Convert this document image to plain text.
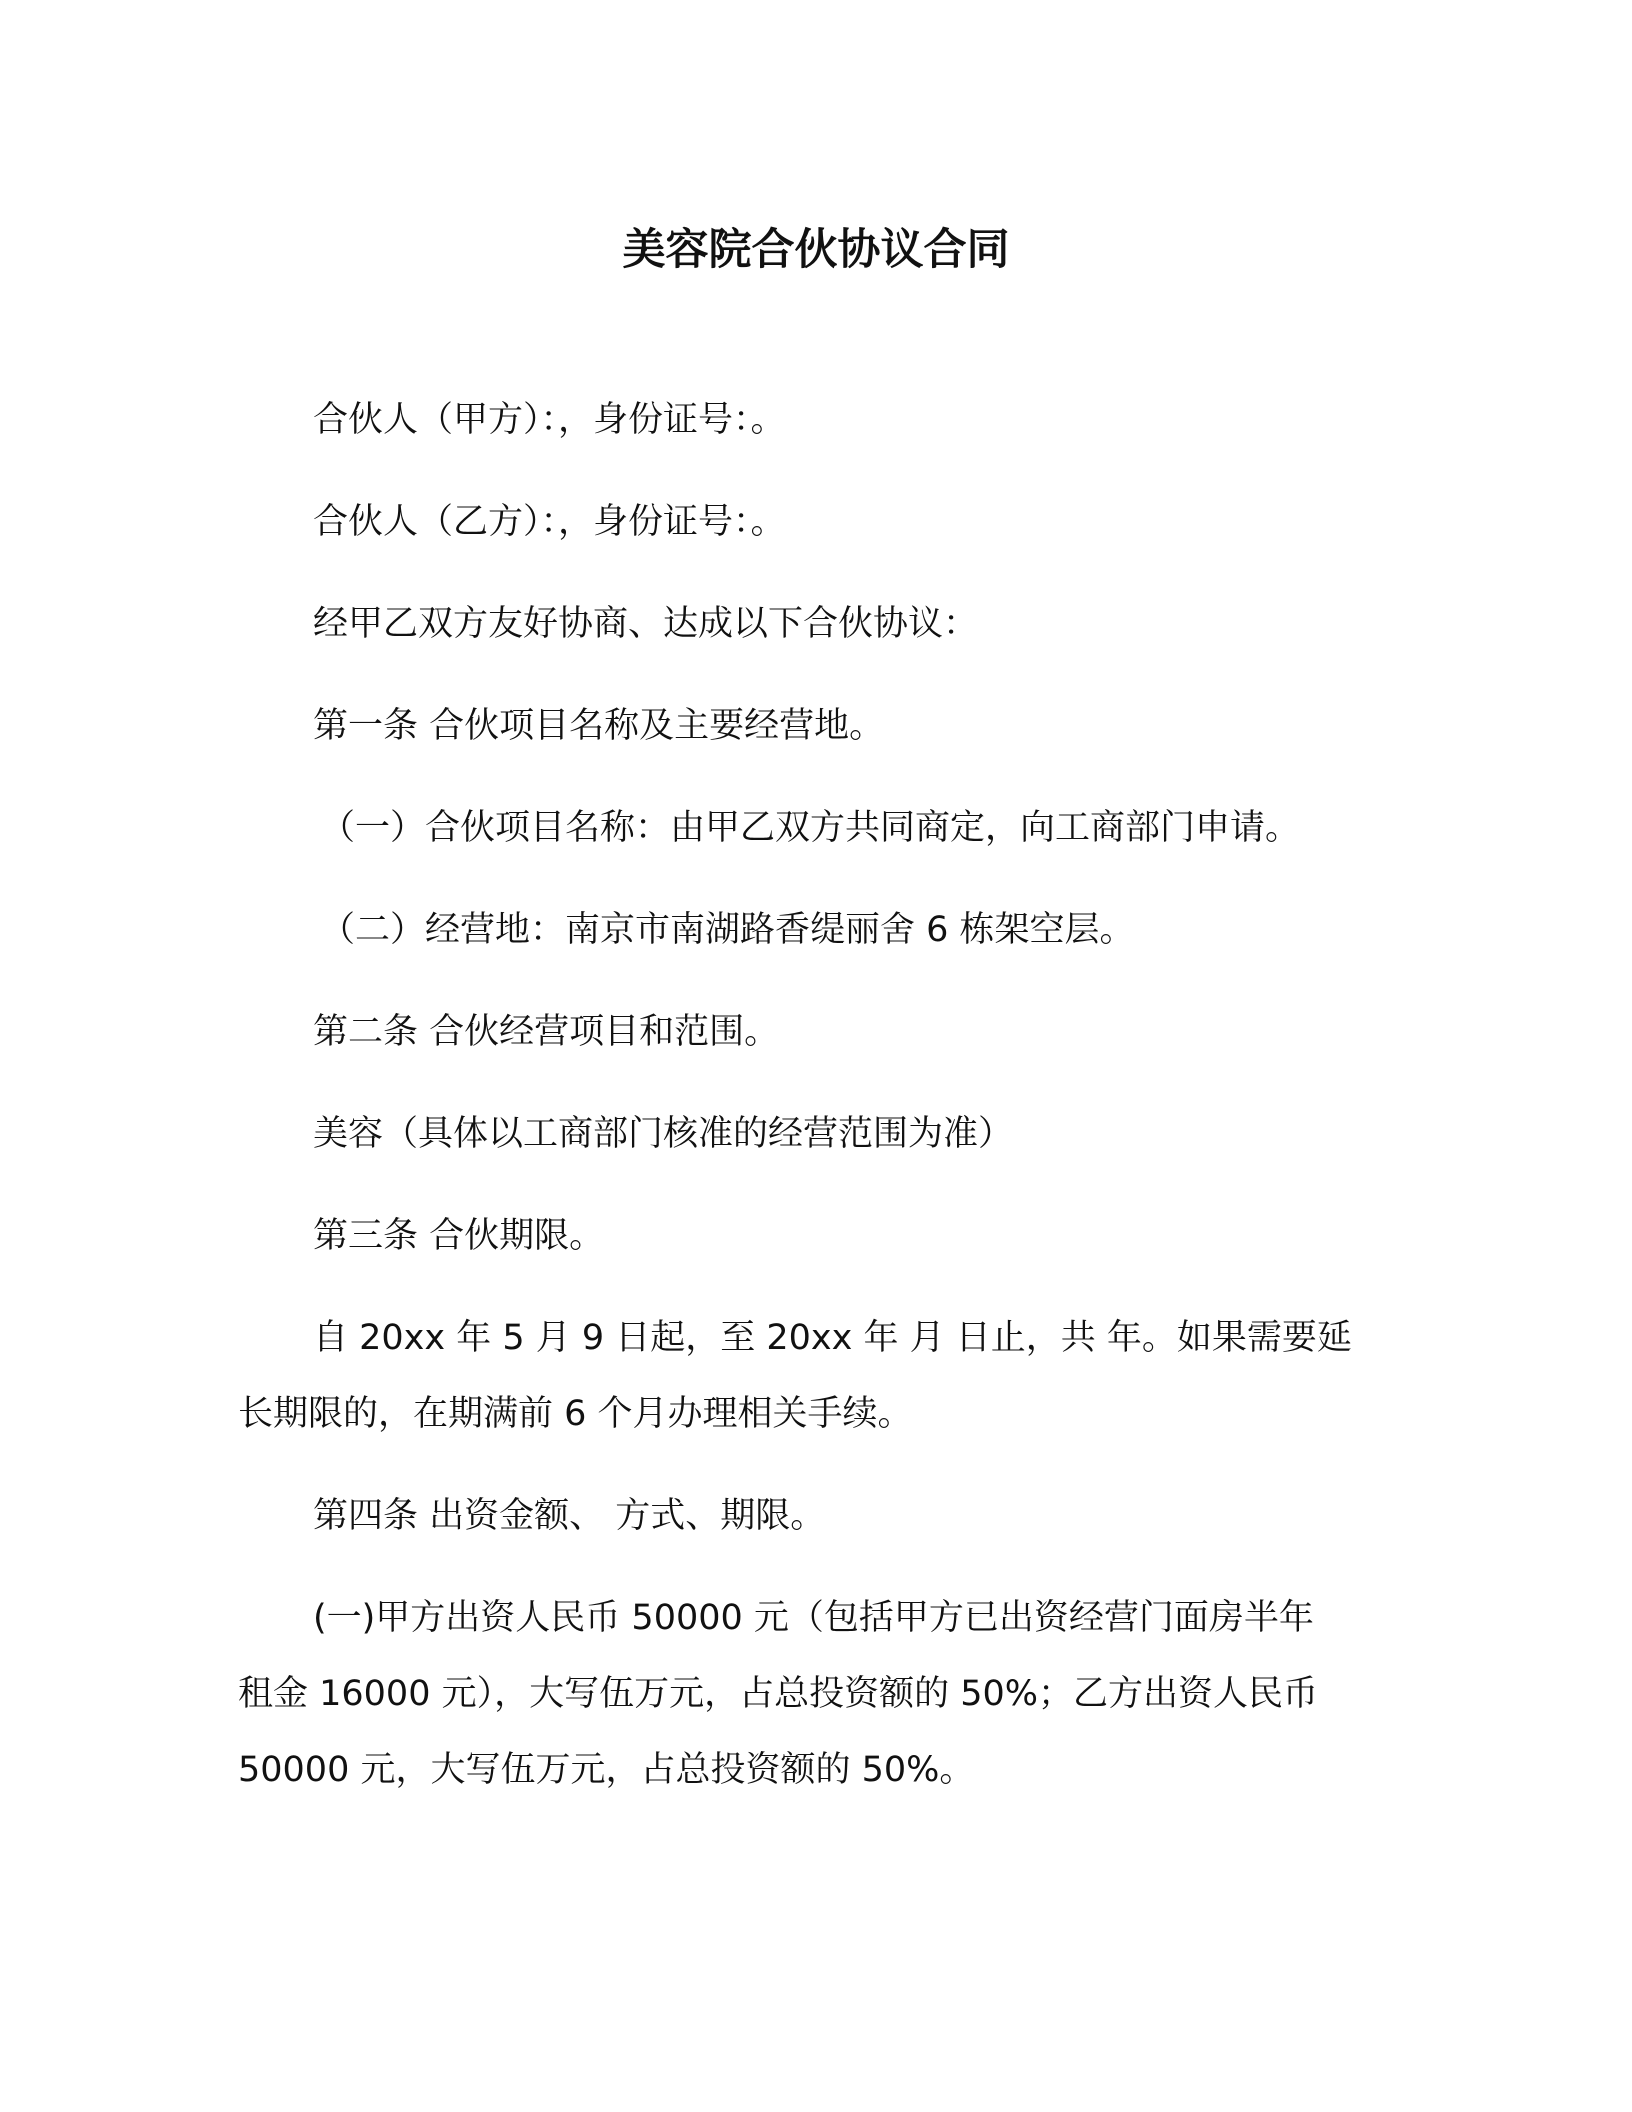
美容院合伙协议合同
合伙人（甲方）：，身份证号：。
合伙人（乙方）：，身份证号：。
经甲乙双方友好协商、达成以下合伙协议：
第一条 合伙项目名称及主要经营地。
（一）合伙项目名称：由甲乙双方共同商定，向工商部门申请。
（二）经营地：南京市南湖路香缇丽舍 6 栋架空层。
第二条 合伙经营项目和范围。
美容（具体以工商部门核准的经营范围为准）
第三条 合伙期限。
自 20xx 年 5 月 9 日起，至 20xx 年 月 日止，共 年。如果需要延
长期限的，在期满前 6 个月办理相关手续。
第四条 出资金额、 方式、期限。
(一)甲方出资人民币 50000 元（包括甲方已出资经营门面房半年
租金 16000 元），大写伍万元，占总投资额的 50%；乙方出资人民币
50000 元，大写伍万元，占总投资额的 50%。
